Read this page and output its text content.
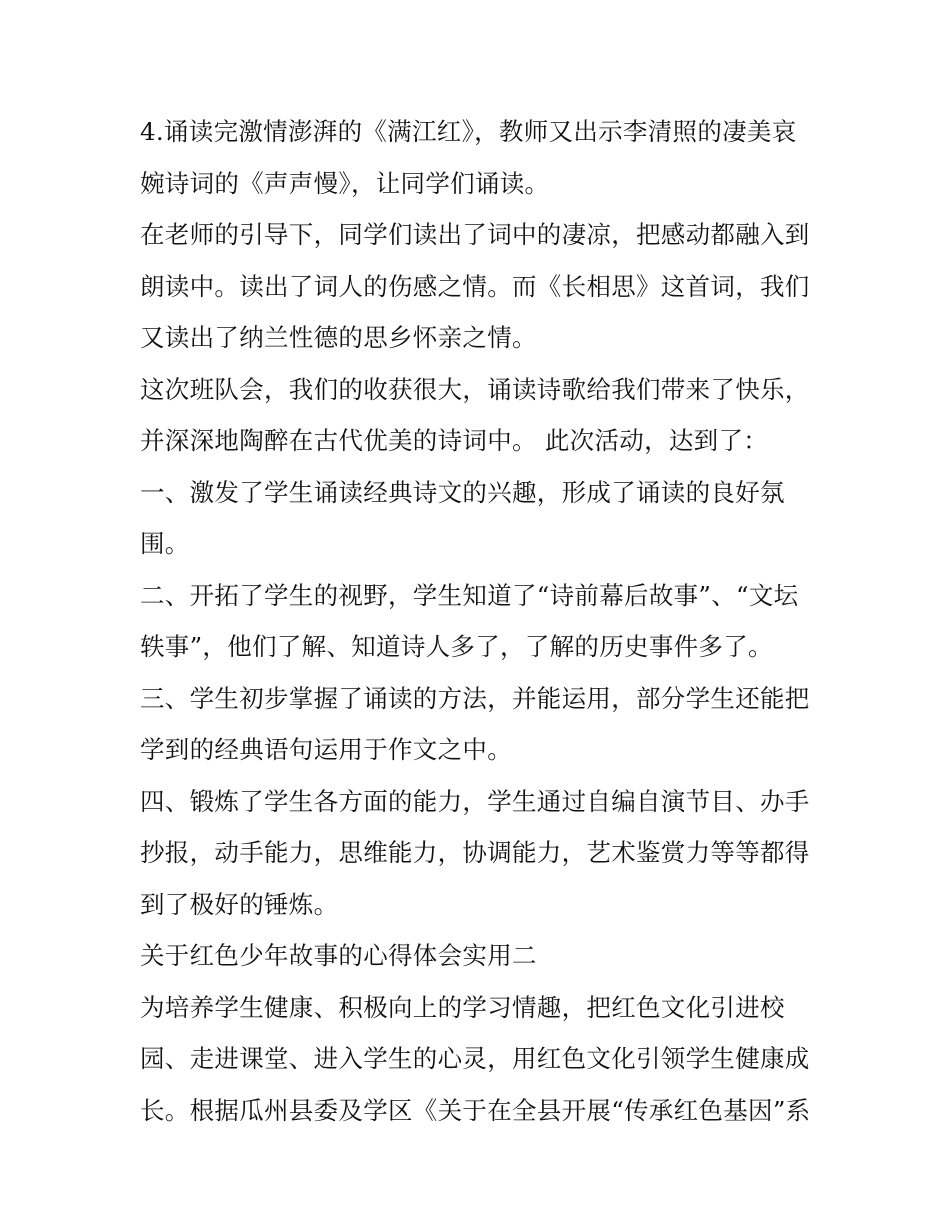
4.诵读完激情澎湃的《满江红》，教师又出示李清照的凄美哀婉诗词的《声声慢》，让同学们诵读。

在老师的引导下，同学们读出了词中的凄凉，把感动都融入到朗读中。读出了词人的伤感之情。而《长相思》这首词，我们又读出了纳兰性德的思乡怀亲之情。

这次班队会，我们的收获很大，诵读诗歌给我们带来了快乐，并深深地陶醉在古代优美的诗词中。 此次活动，达到了：

一、激发了学生诵读经典诗文的兴趣，形成了诵读的良好氛围。

二、开拓了学生的视野，学生知道了“诗前幕后故事”、“文坛轶事”，他们了解、知道诗人多了，了解的历史事件多了。

三、学生初步掌握了诵读的方法，并能运用，部分学生还能把学到的经典语句运用于作文之中。

四、锻炼了学生各方面的能力，学生通过自编自演节目、办手抄报，动手能力，思维能力，协调能力，艺术鉴赏力等等都得到了极好的锤炼。

关于红色少年故事的心得体会实用二

为培养学生健康、积极向上的学习情趣，把红色文化引进校园、走进课堂、进入学生的心灵，用红色文化引领学生健康成长。根据瓜州县委及学区《关于在全县开展“传承红色基因”系
